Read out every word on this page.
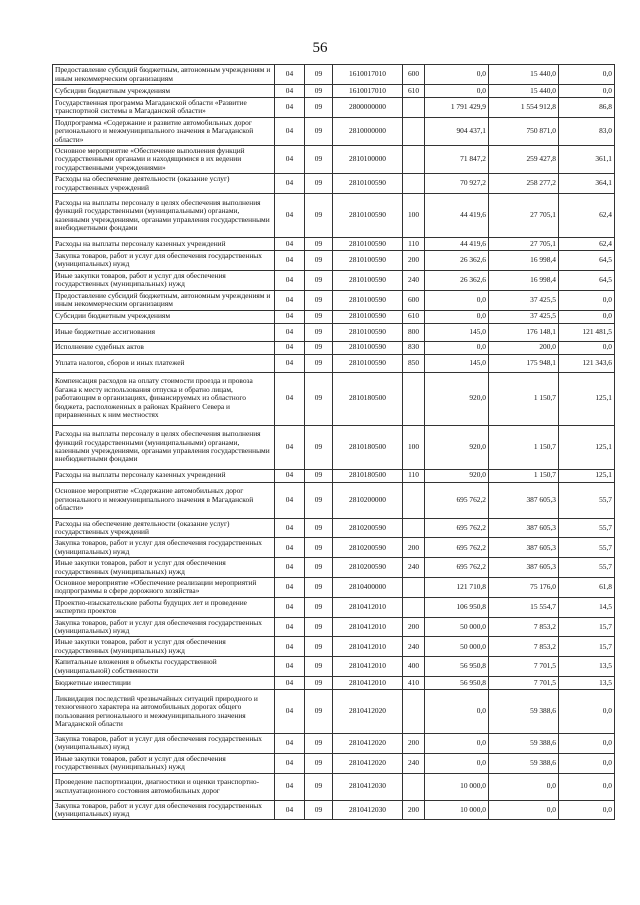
56
Предоставление субсидий бюджетным, автономным учреждениям и иным некоммерческим организациям	04	09	1610017010	600	0,0	15 440,0	0,0
Субсидии бюджетным учреждениям	04	09	1610017010	610	0,0	15 440,0	0,0
Государственная программа Магаданской области «Развитие транспортной системы в Магаданской области»	04	09	2800000000		1 791 429,9	1 554 912,8	86,8
Подпрограмма «Содержание и развитие автомобильных дорог регионального и межмуниципального значения в Магаданской области»	04	09	2810000000		904 437,1	750 871,0	83,0
Основное мероприятие «Обеспечение выполнения функций государственными органами и находящимися в их ведении государственными учреждениями»	04	09	2810100000		71 847,2	259 427,8	361,1
Расходы на обеспечение деятельности (оказание услуг) государственных учреждений	04	09	2810100590		70 927,2	258 277,2	364,1
Расходы на выплаты персоналу в целях обеспечения выполнения функций государственными (муниципальными) органами, казенными учреждениями, органами управления государственными внебюджетными фондами	04	09	2810100590	100	44 419,6	27 705,1	62,4
Расходы на выплаты персоналу казенных учреждений	04	09	2810100590	110	44 419,6	27 705,1	62,4
Закупка товаров, работ и услуг для обеспечения государственных (муниципальных) нужд	04	09	2810100590	200	26 362,6	16 998,4	64,5
Иные закупки товаров, работ и услуг для обеспечения государственных (муниципальных) нужд	04	09	2810100590	240	26 362,6	16 998,4	64,5
Предоставление субсидий бюджетным, автономным учреждениям и иным некоммерческим организациям	04	09	2810100590	600	0,0	37 425,5	0,0
Субсидии бюджетным учреждениям	04	09	2810100590	610	0,0	37 425,5	0,0
Иные бюджетные ассигнования	04	09	2810100590	800	145,0	176 148,1	121 481,5
Исполнение судебных актов	04	09	2810100590	830	0,0	200,0	0,0
Уплата налогов, сборов и иных платежей	04	09	2810100590	850	145,0	175 948,1	121 343,6
Компенсация расходов на оплату стоимости проезда и провоза багажа к месту использования отпуска и обратно лицам, работающим в организациях, финансируемых из областного бюджета, расположенных в районах Крайнего Севера и приравненных к ним местностях	04	09	2810180500		920,0	1 150,7	125,1
Расходы на выплаты персоналу в целях обеспечения выполнения функций государственными (муниципальными) органами, казенными учреждениями, органами управления государственными внебюджетными фондами	04	09	2810180500	100	920,0	1 150,7	125,1
Расходы на выплаты персоналу казенных учреждений	04	09	2810180500	110	920,0	1 150,7	125,1
Основное мероприятие «Содержание автомобильных дорог регионального и межмуниципального значения в Магаданской области»	04	09	2810200000		695 762,2	387 605,3	55,7
Расходы на обеспечение деятельности (оказание услуг) государственных учреждений	04	09	2810200590		695 762,2	387 605,3	55,7
Закупка товаров, работ и услуг для обеспечения государственных (муниципальных) нужд	04	09	2810200590	200	695 762,2	387 605,3	55,7
Иные закупки товаров, работ и услуг для обеспечения государственных (муниципальных) нужд	04	09	2810200590	240	695 762,2	387 605,3	55,7
Основное мероприятие «Обеспечение реализации мероприятий подпрограммы в сфере дорожного хозяйства»	04	09	2810400000		121 710,8	75 176,0	61,8
Проектно-изыскательские работы будущих лет и проведение экспертиз проектов	04	09	2810412010		106 950,8	15 554,7	14,5
Закупка товаров, работ и услуг для обеспечения государственных (муниципальных) нужд	04	09	2810412010	200	50 000,0	7 853,2	15,7
Иные закупки товаров, работ и услуг для обеспечения государственных (муниципальных) нужд	04	09	2810412010	240	50 000,0	7 853,2	15,7
Капитальные вложения в объекты государственной (муниципальной) собственности	04	09	2810412010	400	56 950,8	7 701,5	13,5
Бюджетные инвестиции	04	09	2810412010	410	56 950,8	7 701,5	13,5
Ликвидация последствий чрезвычайных ситуаций природного и техногенного характера на автомобильных дорогах общего пользования регионального и межмуниципального значения Магаданской области	04	09	2810412020		0,0	59 388,6	0,0
Закупка товаров, работ и услуг для обеспечения государственных (муниципальных) нужд	04	09	2810412020	200	0,0	59 388,6	0,0
Иные закупки товаров, работ и услуг для обеспечения государственных (муниципальных) нужд	04	09	2810412020	240	0,0	59 388,6	0,0
Проведение паспортизации, диагностики и оценки транспортно-эксплуатационного состояния автомобильных дорог	04	09	2810412030		10 000,0	0,0	0,0
Закупка товаров, работ и услуг для обеспечения государственных (муниципальных) нужд	04	09	2810412030	200	10 000,0	0,0	0,0
